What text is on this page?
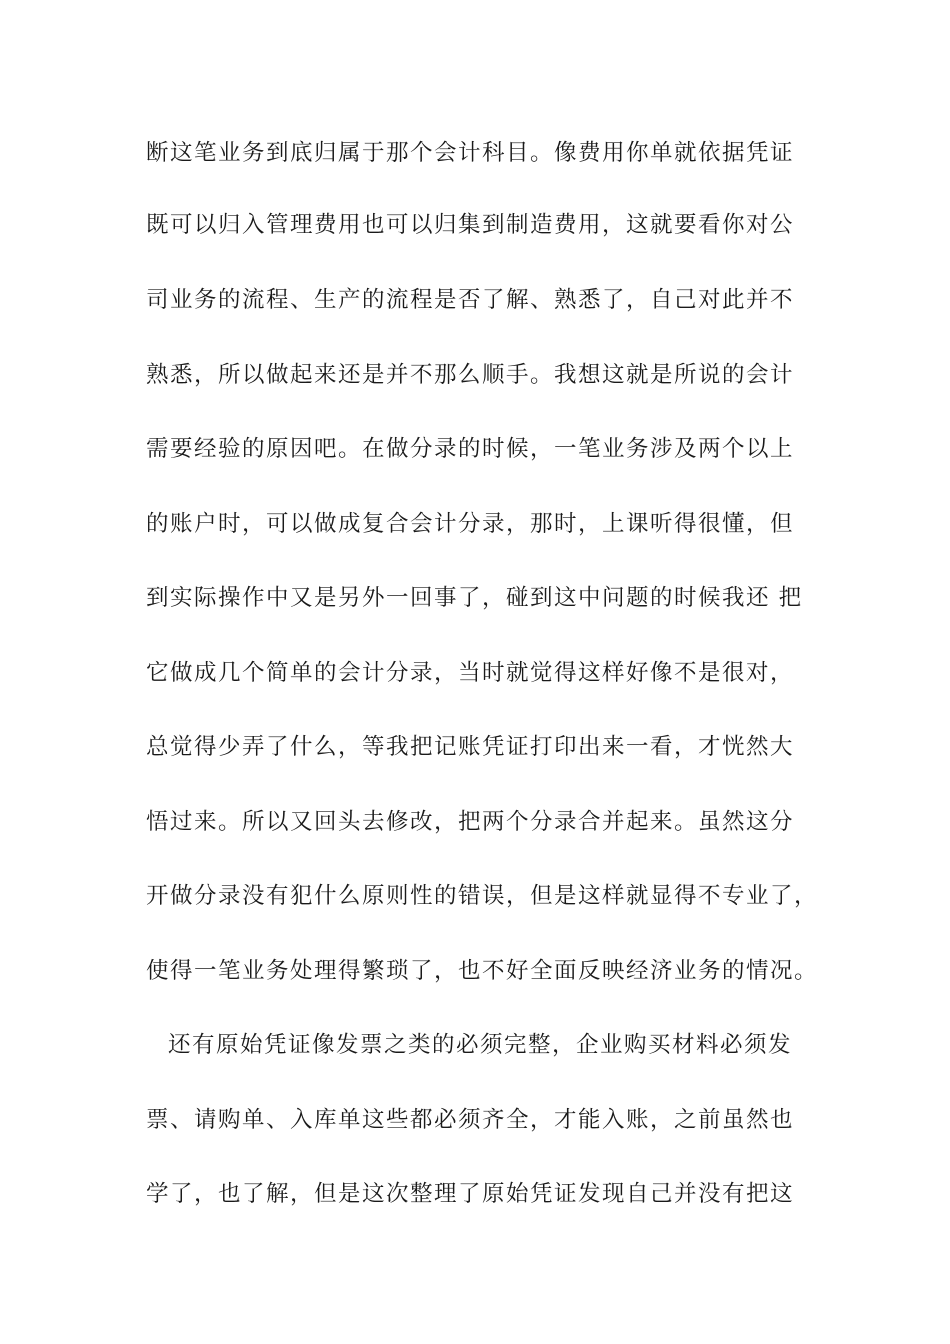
断这笔业务到底归属于那个会计科目。像费用你单就依据凭证
既可以归入管理费用也可以归集到制造费用，这就要看你对公
司业务的流程、生产的流程是否了解、熟悉了，自己对此并不
熟悉，所以做起来还是并不那么顺手。我想这就是所说的会计
需要经验的原因吧。在做分录的时候，一笔业务涉及两个以上
的账户时，可以做成复合会计分录，那时，上课听得很懂，但
到实际操作中又是另外一回事了，碰到这中问题的时候我还 把
它做成几个简单的会计分录，当时就觉得这样好像不是很对，
总觉得少弄了什么，等我把记账凭证打印出来一看，才恍然大
悟过来。所以又回头去修改，把两个分录合并起来。虽然这分
开做分录没有犯什么原则性的错误，但是这样就显得不专业了，
使得一笔业务处理得繁琐了，也不好全面反映经济业务的情况。
还有原始凭证像发票之类的必须完整，企业购买材料必须发
票、请购单、入库单这些都必须齐全，才能入账，之前虽然也
学了，也了解，但是这次整理了原始凭证发现自己并没有把这
